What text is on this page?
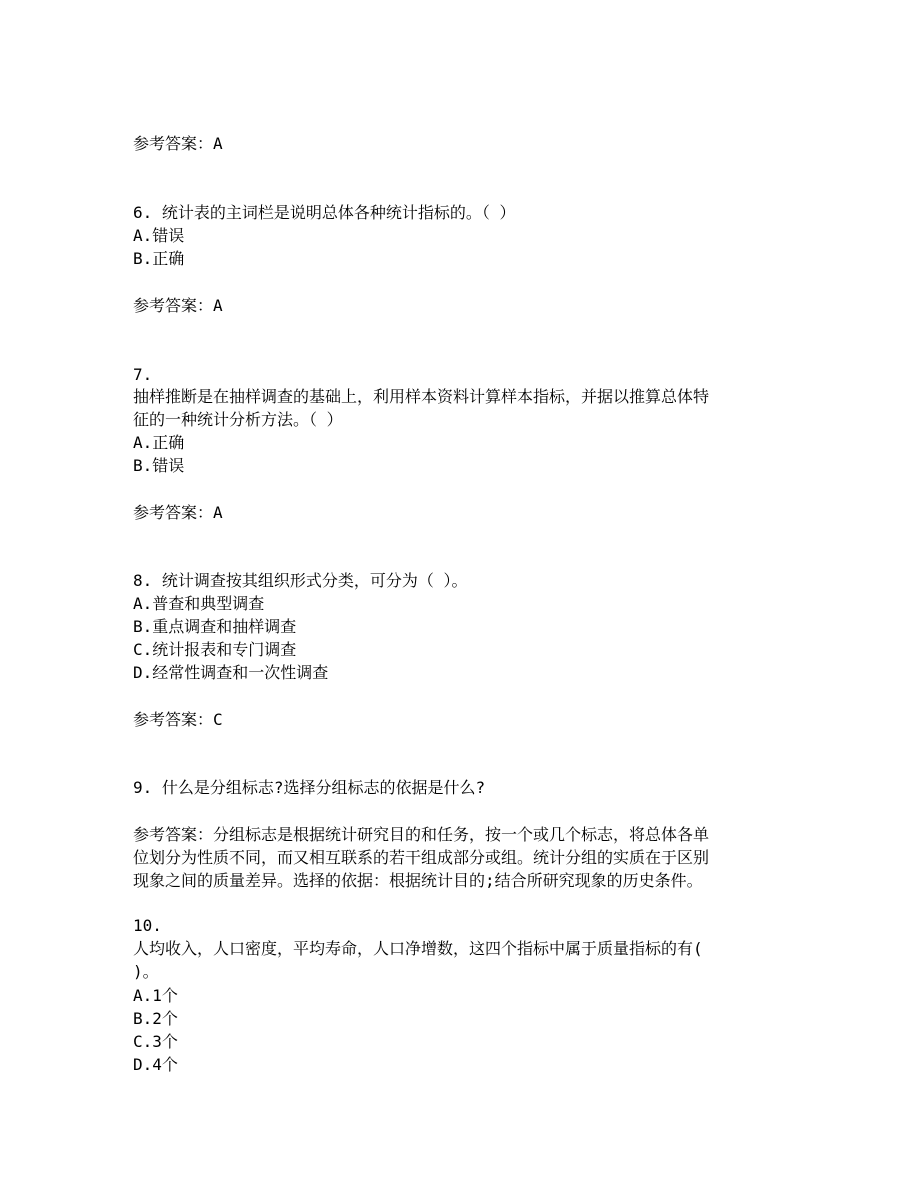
参考答案：A
6. 统计表的主词栏是说明总体各种统计指标的。（ ）
A.错误
B.正确
参考答案：A
7.
抽样推断是在抽样调查的基础上，利用样本资料计算样本指标，并据以推算总体特
征的一种统计分析方法。（ ）
A.正确
B.错误
参考答案：A
8. 统计调查按其组织形式分类，可分为（ ）。
A.普查和典型调查
B.重点调查和抽样调查
C.统计报表和专门调查
D.经常性调查和一次性调查
参考答案：C
9. 什么是分组标志?选择分组标志的依据是什么?
参考答案：分组标志是根据统计研究目的和任务，按一个或几个标志，将总体各单
位划分为性质不同，而又相互联系的若干组成部分或组。统计分组的实质在于区别
现象之间的质量差异。选择的依据：根据统计目的;结合所研究现象的历史条件。
10.
人均收入，人口密度，平均寿命，人口净增数，这四个指标中属于质量指标的有(
)。
A.1个
B.2个
C.3个
D.4个
